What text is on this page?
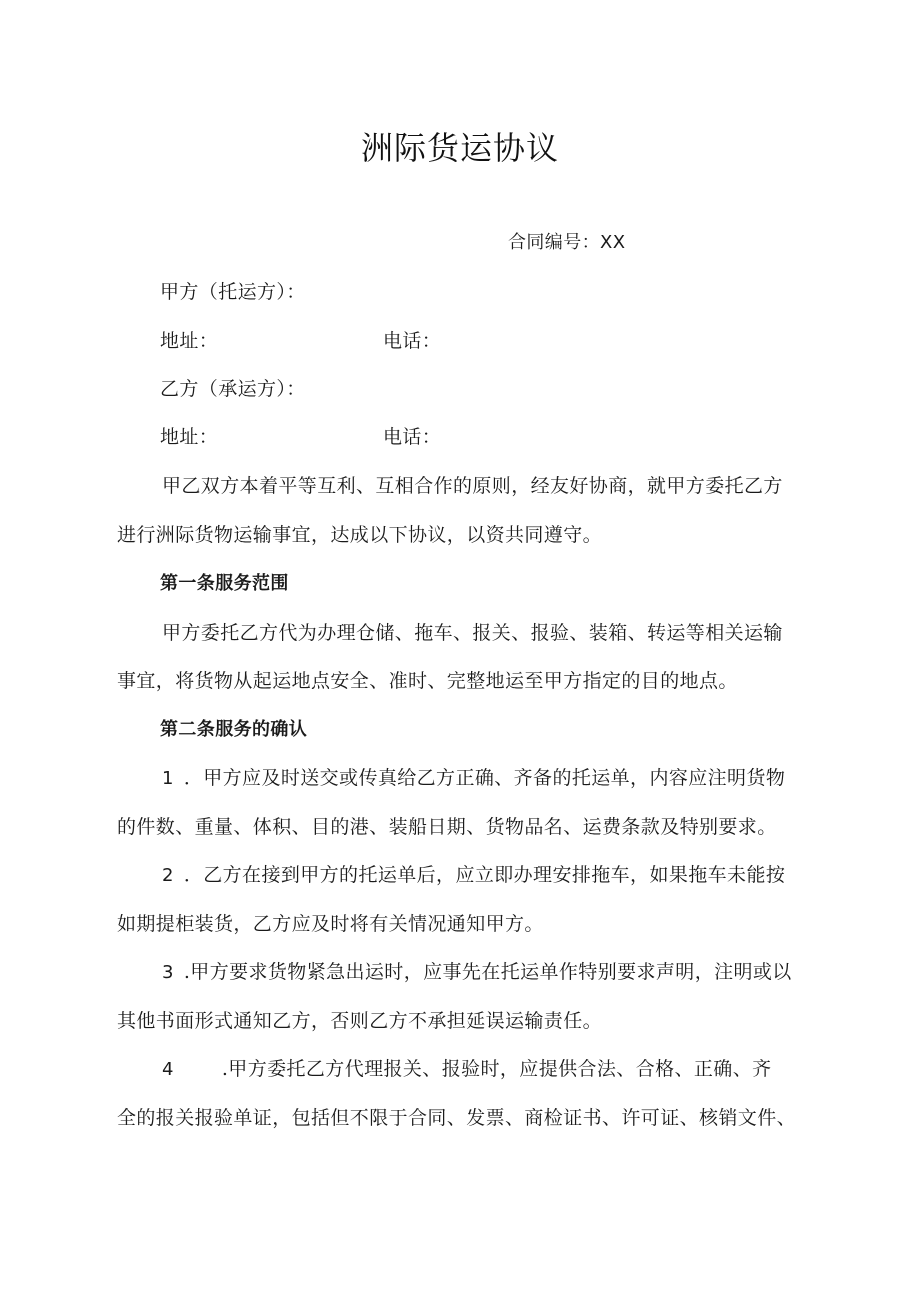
洲际货运协议
合同编号：XX
甲方（托运方）：
地址：	电话：
乙方（承运方）：
地址：	电话：
甲乙双方本着平等互利、互相合作的原则，经友好协商，就甲方委托乙方
进行洲际货物运输事宜，达成以下协议，以资共同遵守。
第一条服务范围
甲方委托乙方代为办理仓储、拖车、报关、报验、装箱、转运等相关运输
事宜，将货物从起运地点安全、准时、完整地运至甲方指定的目的地点。
第二条服务的确认
1 ．甲方应及时送交或传真给乙方正确、齐备的托运单，内容应注明货物
的件数、重量、体积、目的港、装船日期、货物品名、运费条款及特别要求。
2 ．乙方在接到甲方的托运单后，应立即办理安排拖车，如果拖车未能按
如期提柜装货，乙方应及时将有关情况通知甲方。
3 .甲方要求货物紧急出运时，应事先在托运单作特别要求声明，注明或以
其他书面形式通知乙方，否则乙方不承担延误运输责任。
4	.甲方委托乙方代理报关、报验时，应提供合法、合格、正确、齐
全的报关报验单证，包括但不限于合同、发票、商检证书、许可证、核销文件、
